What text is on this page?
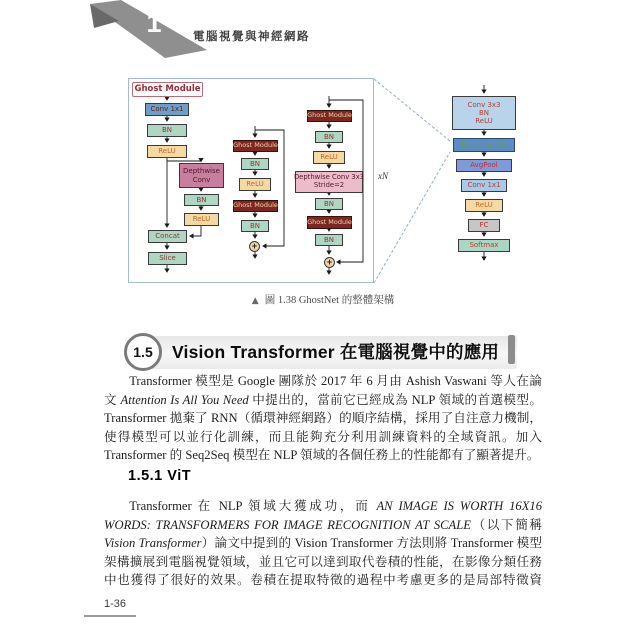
1	電腦視覺與神經網路
Ghost Module
Conv 1x1
BN
ReLU
Depthwise
Conv
BN
ReLU
Concat
Slice
Ghost Module
BN
ReLU
Ghost Module
BN
+
Ghost Module
BN
ReLU
Depthwise Conv 3x3
Stride=2
BN
Ghost Module
BN
+
xN
Conv 3x3
BN
ReLU
Block : n=16
AvgPool
Conv 1x1
ReLU
FC
Softmax
▲ 圖 1.38 GhostNet 的整體架構
1.5 Vision Transformer 在電腦視覺中的應用
Transformer 模型是 Google 團隊於 2017 年 6 月由 Ashish Vaswani 等人在論文 Attention Is All You Need 中提出的，當前它已經成為 NLP 領域的首選模型。Transformer 拋棄了 RNN（循環神經網路）的順序結構，採用了自注意力機制，使得模型可以並行化訓練，而且能夠充分利用訓練資料的全域資訊。加入 Transformer 的 Seq2Seq 模型在 NLP 領域的各個任務上的性能都有了顯著提升。
1.5.1 ViT
Transformer 在 NLP 領域大獲成功，而 AN IMAGE IS WORTH 16X16 WORDS: TRANSFORMERS FOR IMAGE RECOGNITION AT SCALE（以下簡稱 Vision Transformer）論文中提到的 Vision Transformer 方法則將 Transformer 模型架構擴展到電腦視覺領域，並且它可以達到取代卷積的性能，在影像分類任務中也獲得了很好的效果。卷積在提取特徵的過程中考慮更多的是局部特徵資
1-36
